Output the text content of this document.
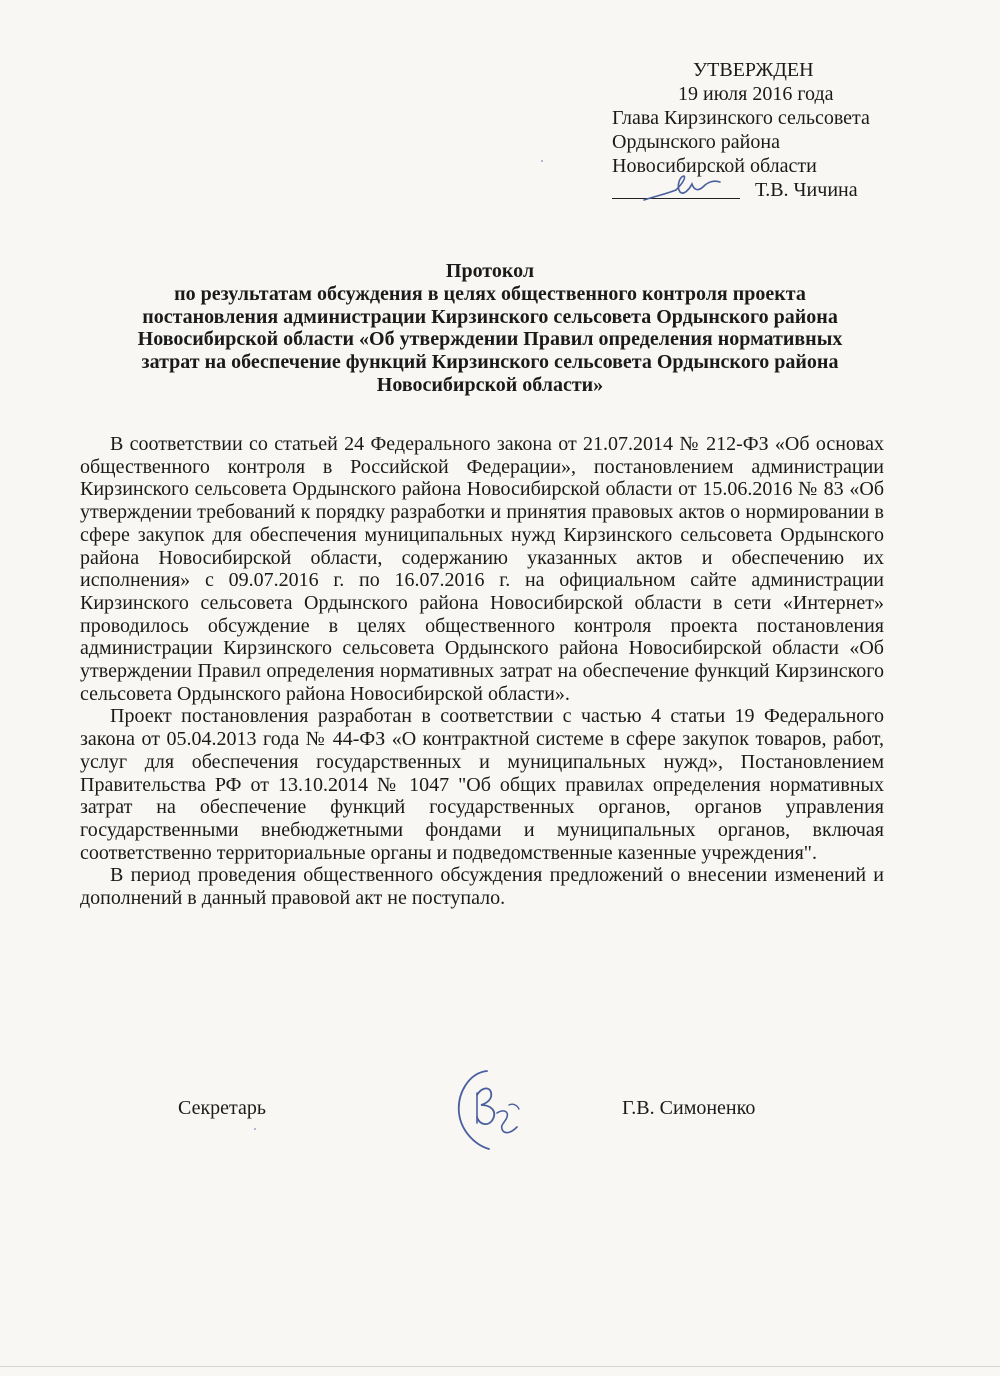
УТВЕРЖДЕН
19 июля 2016 года
Глава Кирзинского сельсовета
Ордынского района
Новосибирской области
Т.В. Чичина
Протокол
по результатам обсуждения в целях общественного контроля проекта
постановления администрации Кирзинского сельсовета Ордынского района
Новосибирской области «Об утверждении Правил определения нормативных
затрат на обеспечение функций Кирзинского сельсовета Ордынского района
Новосибирской области»

В соответствии со статьей 24 Федерального закона от 21.07.2014 № 212-ФЗ «Об основах общественного контроля в Российской Федерации», постановлением администрации Кирзинского сельсовета Ордынского района Новосибирской области от 15.06.2016 № 83 «Об утверждении требований к порядку разработки и принятия правовых актов о нормировании в сфере закупок для обеспечения муниципальных нужд Кирзинского сельсовета Ордынского района Новосибирской области, содержанию указанных актов и обеспечению их исполнения» с 09.07.2016 г. по 16.07.2016 г. на официальном сайте администрации Кирзинского сельсовета Ордынского района Новосибирской области в сети «Интернет» проводилось обсуждение в целях общественного контроля проекта постановления администрации Кирзинского сельсовета Ордынского района Новосибирской области «Об утверждении Правил определения нормативных затрат на обеспечение функций Кирзинского сельсовета Ордынского района Новосибирской области».

Проект постановления разработан в соответствии с частью 4 статьи 19 Федерального закона от 05.04.2013 года № 44-ФЗ «О контрактной системе в сфере закупок товаров, работ, услуг для обеспечения государственных и муниципальных нужд», Постановлением Правительства РФ от 13.10.2014 № 1047 "Об общих правилах определения нормативных затрат на обеспечение функций государственных органов, органов управления государственными внебюджетными фондами и муниципальных органов, включая соответственно территориальные органы и подведомственные казенные учреждения".

В период проведения общественного обсуждения предложений о внесении изменений и дополнений в данный правовой акт не поступало.

Секретарь	Г.В. Симоненко
